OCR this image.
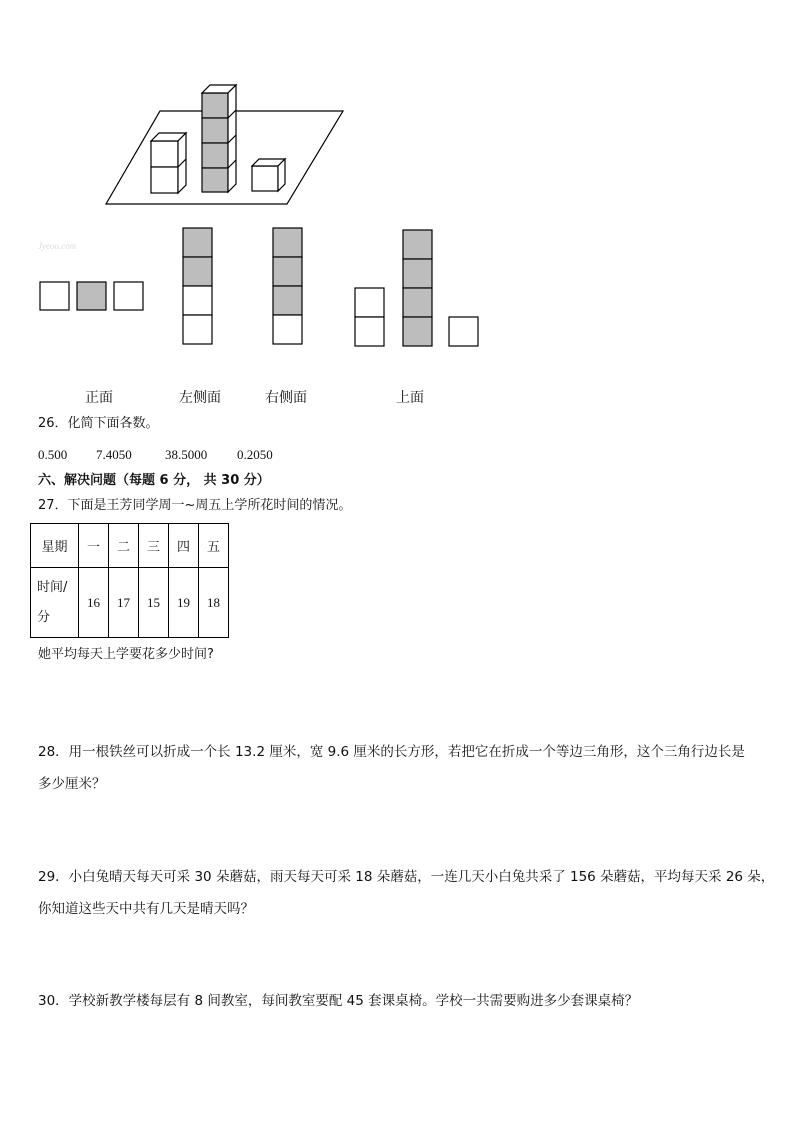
Jyeoo.com
正面	左侧面	右侧面	上面
26．化简下面各数。
0.500 7.4050	38.5000 0.2050
六、解决问题（每题 6 分， 共 30 分）
27．下面是王芳同学周一~周五上学所花时间的情况。
星期	一	二	三	四	五
时间/
分	16	17	15	19	18
她平均每天上学要花多少时间?
28．用一根铁丝可以折成一个长 13.2 厘米，宽 9.6 厘米的长方形，若把它在折成一个等边三角形，这个三角行边长是
多少厘米？
29．小白兔晴天每天可采 30 朵蘑菇，雨天每天可采 18 朵蘑菇，一连几天小白兔共采了 156 朵蘑菇，平均每天采 26 朵，
你知道这些天中共有几天是晴天吗？
30．学校新教学楼每层有 8 间教室，每间教室要配 45 套课桌椅。学校一共需要购进多少套课桌椅？
